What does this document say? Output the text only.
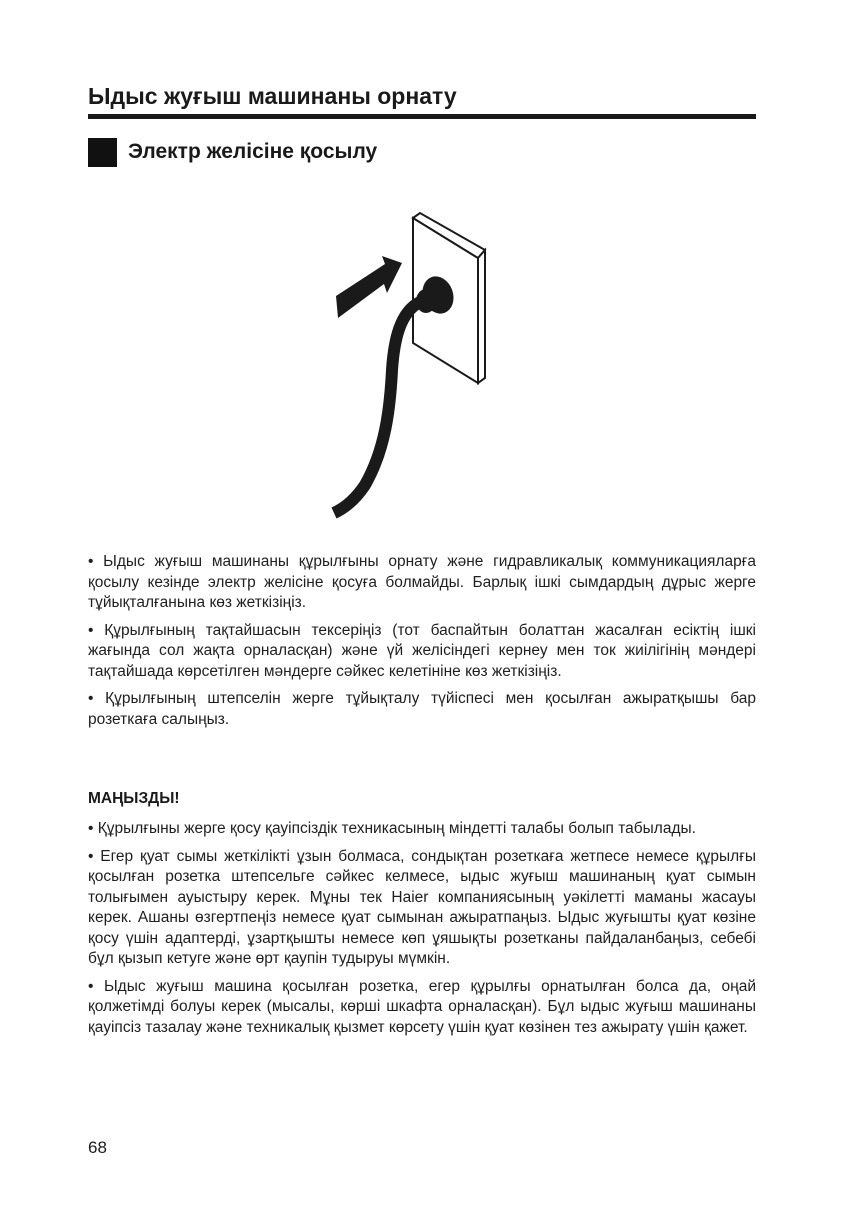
Ыдыс жуғыш машинаны орнату
Электр желісіне қосылу

• Ыдыс жуғыш машинаны құрылғыны орнату және гидравликалық коммуникацияларға қосылу кезінде электр желісіне қосуға болмайды. Барлық ішкі сымдардың дұрыс жерге тұйықталғанына көз жеткізіңіз.

• Құрылғының тақтайшасын тексеріңіз (тот баспайтын болаттан жасалған есіктің ішкі жағында сол жақта орналасқан) және үй желісіндегі кернеу мен ток жиілігінің мәндері тақтайшада көрсетілген мәндерге сәйкес келетініне көз жеткізіңіз.

• Құрылғының штепселін жерге тұйықталу түйіспесі мен қосылған ажыратқышы бар розеткаға салыңыз.

МАҢЫЗДЫ!

• Құрылғыны жерге қосу қауіпсіздік техникасының міндетті талабы болып табылады.

• Егер қуат сымы жеткілікті ұзын болмаса, сондықтан розеткаға жетпесе немесе құрылғы қосылған розетка штепсельге сәйкес келмесе, ыдыс жуғыш машинаның қуат сымын толығымен ауыстыру керек. Мұны тек Haier компаниясының уәкілетті маманы жасауы керек. Ашаны өзгертпеңіз немесе қуат сымынан ажыратпаңыз. Ыдыс жуғышты қуат көзіне қосу үшін адаптерді, ұзартқышты немесе көп ұяшықты розетканы пайдаланбаңыз, себебі бұл қызып кетуге және өрт қаупін тудыруы мүмкін.

• Ыдыс жуғыш машина қосылған розетка, егер құрылғы орнатылған болса да, оңай қолжетімді болуы керек (мысалы, көрші шкафта орналасқан). Бұл ыдыс жуғыш машинаны қауіпсіз тазалау және техникалық қызмет көрсету үшін қуат көзінен тез ажырату үшін қажет.

68
